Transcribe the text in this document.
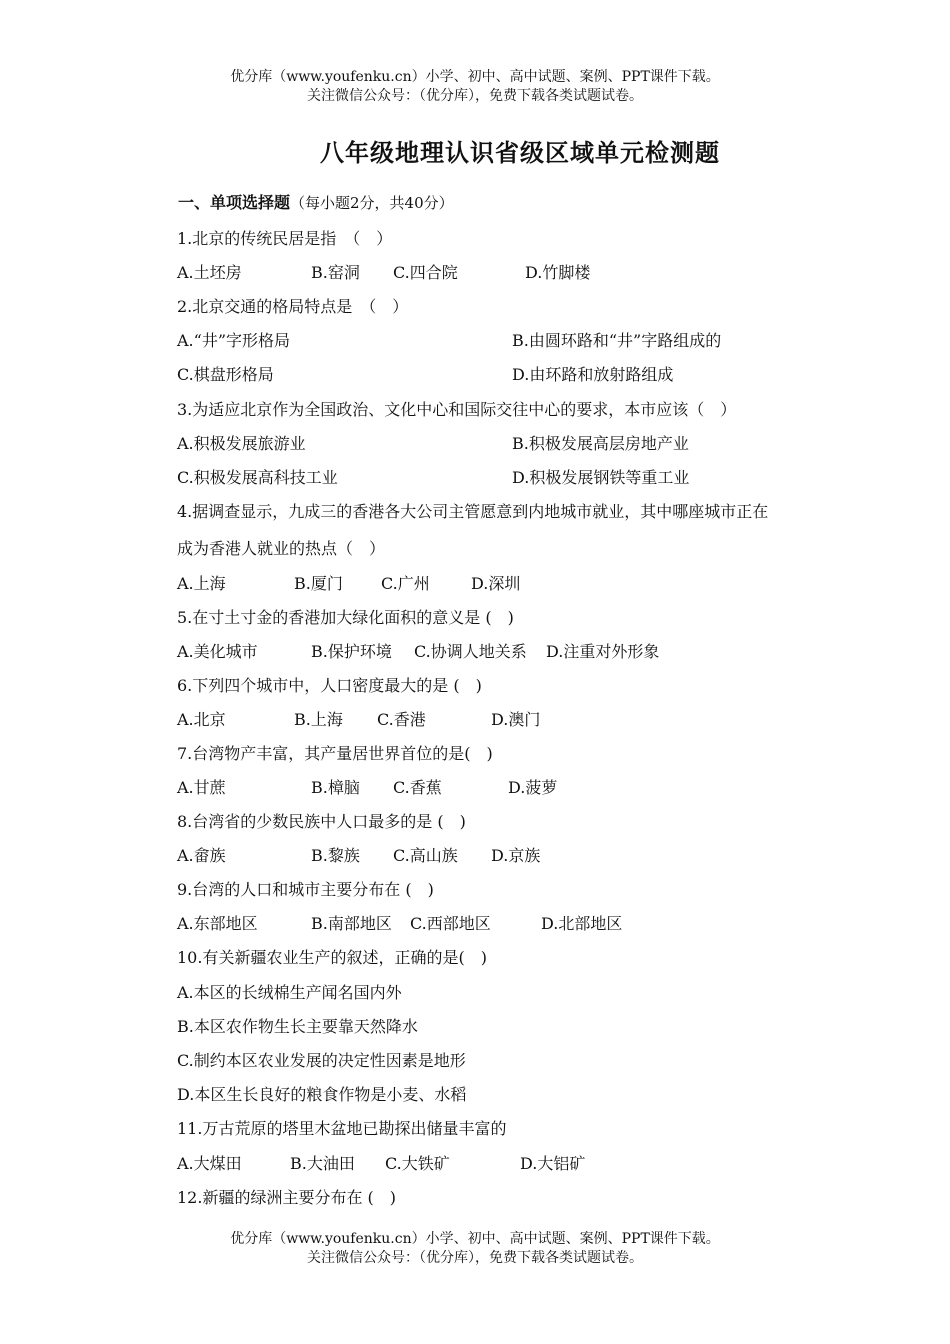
优分库（www.youfenku.cn）小学、初中、高中试题、案例、PPT课件下载。
关注微信公众号：（优分库），免费下载各类试题试卷。
八年级地理认识省级区域单元检测题
一、单项选择题（每小题2分，共40分）
1.北京的传统民居是指　（　）
A.土坯房	B.窑洞 C.四合院	D.竹脚楼
2.北京交通的格局特点是　（　）
A.“井”字形格局	B.由圆环路和“井”字路组成的
C.棋盘形格局	D.由环路和放射路组成
3.为适应北京作为全国政治、文化中心和国际交往中心的要求，本市应该（　）
A.积极发展旅游业	B.积极发展高层房地产业
C.积极发展高科技工业	D.积极发展钢铁等重工业
4.据调查显示，九成三的香港各大公司主管愿意到内地城市就业，其中哪座城市正在
成为香港人就业的热点（　）
A.上海	B.厦门 C.广州	D.深圳
5.在寸土寸金的香港加大绿化面积的意义是 (　)
A.美化城市	B.保护环境 C.协调人地关系 D.注重对外形象
6.下列四个城市中，人口密度最大的是 (　)
A.北京	B.上海 C.香港	D.澳门
7.台湾物产丰富，其产量居世界首位的是(　)
A.甘蔗	B.樟脑 C.香蕉	D.菠萝
8.台湾省的少数民族中人口最多的是 (　)
A.畲族	B.黎族 C.高山族 D.京族
9.台湾的人口和城市主要分布在 (　)
A.东部地区	B.南部地区 C.西部地区	D.北部地区
10.有关新疆农业生产的叙述，正确的是(　)
A.本区的长绒棉生产闻名国内外
B.本区农作物生长主要靠天然降水
C.制约本区农业发展的决定性因素是地形
D.本区生长良好的粮食作物是小麦、水稻
11.万古荒原的塔里木盆地已勘探出储量丰富的
A.大煤田	B.大油田 C.大铁矿	D.大铝矿
12.新疆的绿洲主要分布在 (　)
优分库（www.youfenku.cn）小学、初中、高中试题、案例、PPT课件下载。
关注微信公众号：（优分库），免费下载各类试题试卷。
